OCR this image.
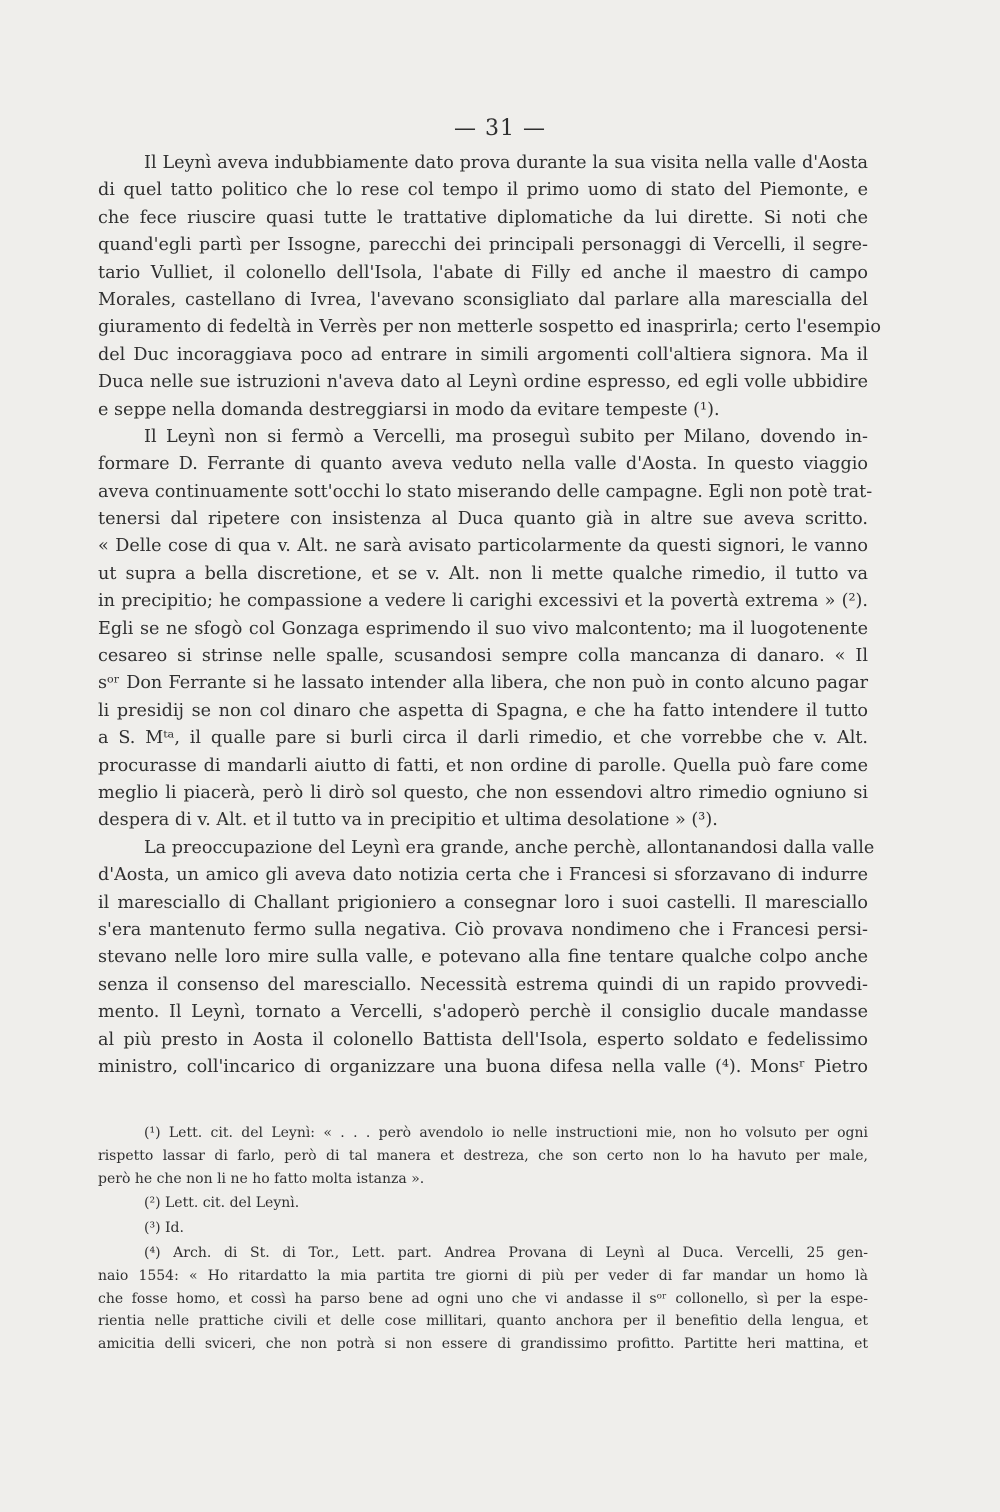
— 31 —
Il Leynì aveva indubbiamente dato prova durante la sua visita nella valle d'Aosta
di quel tatto politico che lo rese col tempo il primo uomo di stato del Piemonte, e
che fece riuscire quasi tutte le trattative diplomatiche da lui dirette. Si noti che
quand'egli partì per Issogne, parecchi dei principali personaggi di Vercelli, il segre-
tario Vulliet, il colonello dell'Isola, l'abate di Filly ed anche il maestro di campo
Morales, castellano di Ivrea, l'avevano sconsigliato dal parlare alla marescialla del
giuramento di fedeltà in Verrès per non metterle sospetto ed inasprirla; certo l'esempio
del Duc incoraggiava poco ad entrare in simili argomenti coll'altiera signora. Ma il
Duca nelle sue istruzioni n'aveva dato al Leynì ordine espresso, ed egli volle ubbidire
e seppe nella domanda destreggiarsi in modo da evitare tempeste (¹).
Il Leynì non si fermò a Vercelli, ma proseguì subito per Milano, dovendo in-
formare D. Ferrante di quanto aveva veduto nella valle d'Aosta. In questo viaggio
aveva continuamente sott'occhi lo stato miserando delle campagne. Egli non potè trat-
tenersi dal ripetere con insistenza al Duca quanto già in altre sue aveva scritto.
« Delle cose di qua v. Alt. ne sarà avisato particolarmente da questi signori, le vanno
ut supra a bella discretione, et se v. Alt. non li mette qualche rimedio, il tutto va
in precipitio; he compassione a vedere li carighi excessivi et la povertà extrema » (²).
Egli se ne sfogò col Gonzaga esprimendo il suo vivo malcontento; ma il luogotenente
cesareo si strinse nelle spalle, scusandosi sempre colla mancanza di danaro. « Il
sᵒʳ Don Ferrante si he lassato intender alla libera, che non può in conto alcuno pagar
li presidij se non col dinaro che aspetta di Spagna, e che ha fatto intendere il tutto
a S. Mᵗᵃ, il qualle pare si burli circa il darli rimedio, et che vorrebbe che v. Alt.
procurasse di mandarli aiutto di fatti, et non ordine di parolle. Quella può fare come
meglio li piacerà, però li dirò sol questo, che non essendovi altro rimedio ogniuno si
despera di v. Alt. et il tutto va in precipitio et ultima desolatione » (³).
La preoccupazione del Leynì era grande, anche perchè, allontanandosi dalla valle
d'Aosta, un amico gli aveva dato notizia certa che i Francesi si sforzavano di indurre
il maresciallo di Challant prigioniero a consegnar loro i suoi castelli. Il maresciallo
s'era mantenuto fermo sulla negativa. Ciò provava nondimeno che i Francesi persi-
stevano nelle loro mire sulla valle, e potevano alla fine tentare qualche colpo anche
senza il consenso del maresciallo. Necessità estrema quindi di un rapido provvedi-
mento. Il Leynì, tornato a Vercelli, s'adoperò perchè il consiglio ducale mandasse
al più presto in Aosta il colonello Battista dell'Isola, esperto soldato e fedelissimo
ministro, coll'incarico di organizzare una buona difesa nella valle (⁴). Monsʳ Pietro
(¹) Lett. cit. del Leynì: « . . . però avendolo io nelle instructioni mie, non ho volsuto per ogni
rispetto lassar di farlo, però di tal manera et destreza, che son certo non lo ha havuto per male,
però he che non li ne ho fatto molta istanza ».
(²) Lett. cit. del Leynì.
(³) Id.
(⁴) Arch. di St. di Tor., Lett. part. Andrea Provana di Leynì al Duca. Vercelli, 25 gen-
naio 1554: « Ho ritardatto la mia partita tre giorni di più per veder di far mandar un homo là
che fosse homo, et cossì ha parso bene ad ogni uno che vi andasse il sᵒʳ collonello, sì per la espe-
rientia nelle prattiche civili et delle cose millitari, quanto anchora per il benefitio della lengua, et
amicitia delli sviceri, che non potrà si non essere di grandissimo profitto. Partitte heri mattina, et
